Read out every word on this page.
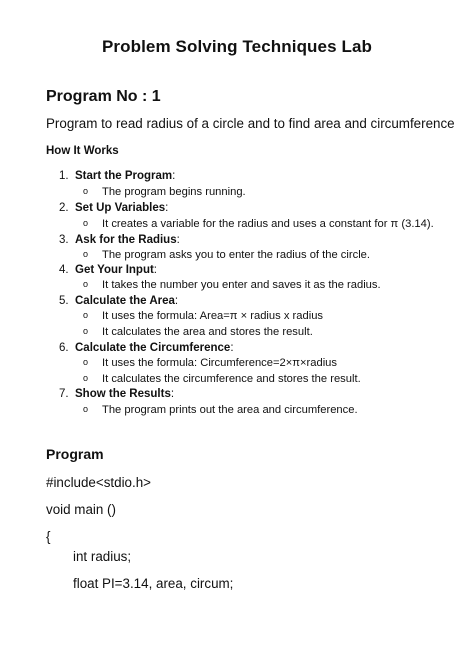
Problem Solving Techniques Lab
Program No : 1
Program to read radius of a circle and to find area and circumference
How It Works
1. Start the Program:
o The program begins running.
2. Set Up Variables:
o It creates a variable for the radius and uses a constant for π (3.14).
3. Ask for the Radius:
o The program asks you to enter the radius of the circle.
4. Get Your Input:
o It takes the number you enter and saves it as the radius.
5. Calculate the Area:
o It uses the formula: Area=π × radius x radius
o It calculates the area and stores the result.
6. Calculate the Circumference:
o It uses the formula: Circumference=2×π×radius
o It calculates the circumference and stores the result.
7. Show the Results:
o The program prints out the area and circumference.
Program
#include<stdio.h>
void main ()
{
int radius;
float PI=3.14, area, circum;
